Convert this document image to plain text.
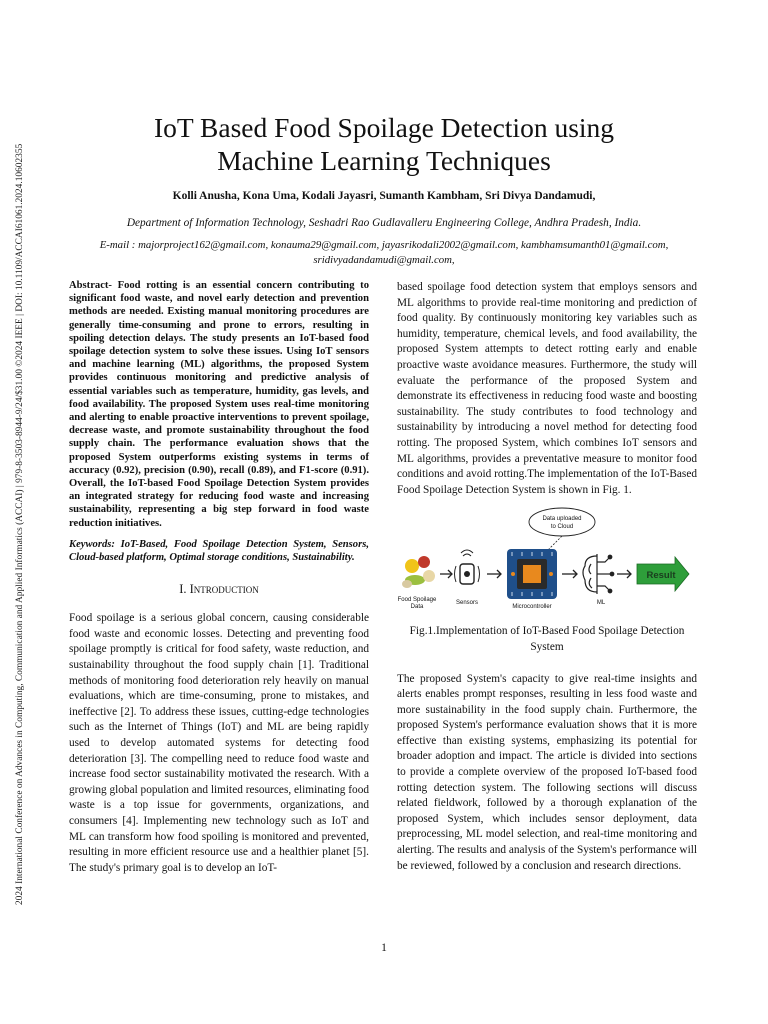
2024 International Conference on Advances in Computing, Communication and Applied Informatics (ACCAI) | 979-8-3503-8944-9/24/$31.00 ©2024 IEEE | DOI: 10.1109/ACCAI61061.2024.10602355
IoT Based Food Spoilage Detection using
Machine Learning Techniques
Kolli Anusha, Kona Uma, Kodali Jayasri, Sumanth Kambham, Sri Divya Dandamudi,
Department of Information Technology, Seshadri Rao Gudlavalleru Engineering College, Andhra Pradesh, India.
E-mail : majorproject162@gmail.com, konauma29@gmail.com, jayasrikodali2002@gmail.com, kambhamsumanth01@gmail.com,
sridivyadandamudi@gmail.com,

Abstract- Food rotting is an essential concern contributing to significant food waste, and novel early detection and prevention methods are needed. Existing manual monitoring procedures are generally time-consuming and prone to errors, resulting in spoiling detection delays. The study presents an IoT-based food spoilage detection system to solve these issues. Using IoT sensors and machine learning (ML) algorithms, the proposed System provides continuous monitoring and predictive analysis of essential variables such as temperature, humidity, gas levels, and food availability. The proposed System uses real-time monitoring and alerting to enable proactive interventions to prevent spoilage, decrease waste, and promote sustainability throughout the food supply chain. The performance evaluation shows that the proposed System outperforms existing systems in terms of accuracy (0.92), precision (0.90), recall (0.89), and F1-score (0.91). Overall, the IoT-based Food Spoilage Detection System provides an integrated strategy for reducing food waste and increasing sustainability, representing a big step forward in food waste reduction initiatives.

Keywords: IoT-Based, Food Spoilage Detection System, Sensors, Cloud-based platform, Optimal storage conditions, Sustainability.

I. Introduction

Food spoilage is a serious global concern, causing considerable food waste and economic losses. Detecting and preventing food spoilage promptly is critical for food safety, waste reduction, and sustainability throughout the food supply chain [1]. Traditional methods of monitoring food deterioration rely heavily on manual evaluations, which are time-consuming, prone to mistakes, and ineffective [2]. To address these issues, cutting-edge technologies such as the Internet of Things (IoT) and ML are being rapidly used to develop automated systems for detecting food deterioration [3]. The compelling need to reduce food waste and increase food sector sustainability motivated the research. With a growing global population and limited resources, eliminating food waste is a top issue for governments, organizations, and consumers [4]. Implementing new technology such as IoT and ML can transform how food spoiling is monitored and prevented, resulting in more efficient resource use and a healthier planet [5]. The study's primary goal is to develop an IoT-

based spoilage food detection system that employs sensors and ML algorithms to provide real-time monitoring and prediction of food quality. By continuously monitoring key variables such as humidity, temperature, chemical levels, and food availability, the proposed System attempts to detect rotting early and enable proactive waste avoidance measures. Furthermore, the study will evaluate the performance of the proposed System and demonstrate its effectiveness in reducing food waste and boosting sustainability. The study contributes to food technology and sustainability by introducing a novel method for detecting food rotting. The proposed System, which combines IoT sensors and ML algorithms, provides a preventative measure to monitor food conditions and avoid rotting.The implementation of the IoT-Based Food Spoilage Detection System is shown in Fig. 1.

Data uploaded
to Cloud
Food Spoilage
Data
Sensors
Microcontroller
ML
Result

Fig.1.Implementation of IoT-Based Food Spoilage Detection System

The proposed System's capacity to give real-time insights and alerts enables prompt responses, resulting in less food waste and more sustainability in the food supply chain. Furthermore, the proposed System's performance evaluation shows that it is more effective than existing systems, emphasizing its potential for broader adoption and impact. The article is divided into sections to provide a complete overview of the proposed IoT-based food rotting detection system. The following sections will discuss related fieldwork, followed by a thorough explanation of the proposed System, which includes sensor deployment, data preprocessing, ML model selection, and real-time monitoring and alerting. The results and analysis of the System's performance will be reviewed, followed by a conclusion and research directions.

1
